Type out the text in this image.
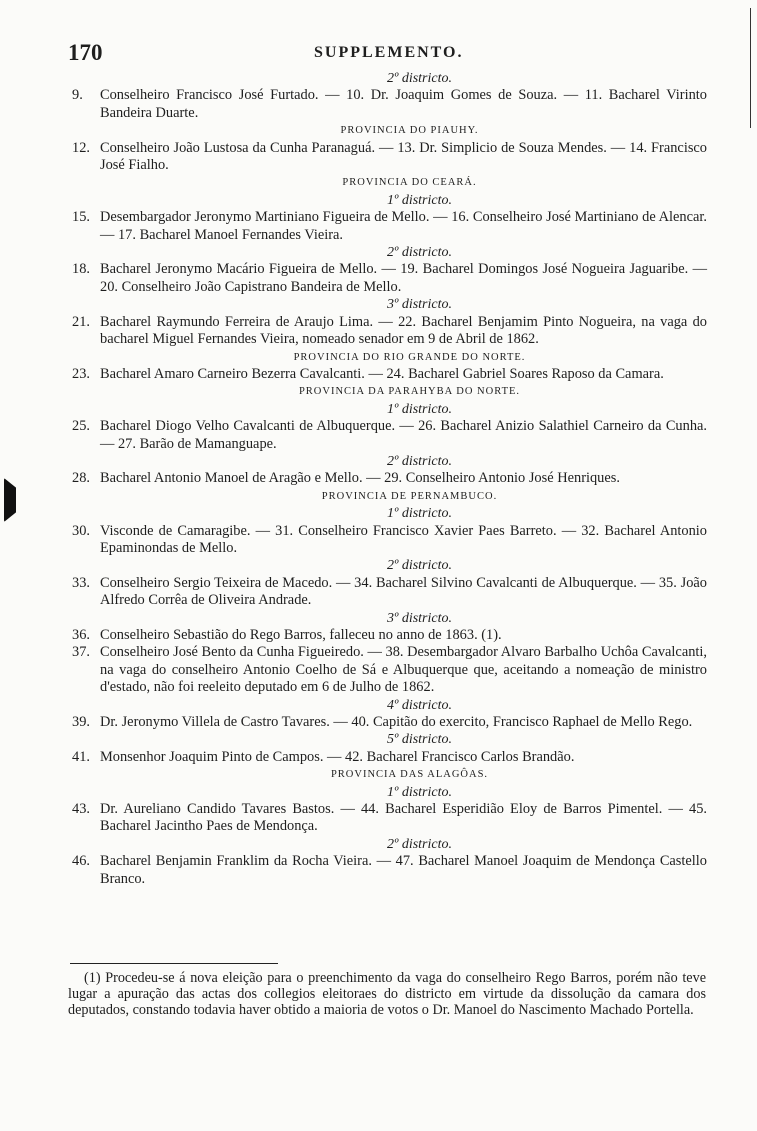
170	SUPPLEMENTO.
2º districto.
9.	Conselheiro Francisco José Furtado. — 10. Dr. Joaquim Gomes de Souza. — 11. Bacharel Virinto Bandeira Duarte.
PROVINCIA DO PIAUHY.
12. Conselheiro João Lustosa da Cunha Paranaguá. — 13. Dr. Simplicio de Souza Mendes. — 14. Francisco José Fialho.
PROVINCIA DO CEARÁ.
1º districto.
15. Desembargador Jeronymo Martiniano Figueira de Mello. — 16. Conselheiro José Martiniano de Alencar. — 17. Bacharel Manoel Fernandes Vieira.
2º districto.
18. Bacharel Jeronymo Macário Figueira de Mello. — 19. Bacharel Domingos José Nogueira Jaguaribe. — 20. Conselheiro João Capistrano Bandeira de Mello.
3º districto.
21. Bacharel Raymundo Ferreira de Araujo Lima. — 22. Bacharel Benjamim Pinto Nogueira, na vaga do bacharel Miguel Fernandes Vieira, nomeado senador em 9 de Abril de 1862.
PROVINCIA DO RIO GRANDE DO NORTE.
23. Bacharel Amaro Carneiro Bezerra Cavalcanti. — 24. Bacharel Gabriel Soares Raposo da Camara.
PROVINCIA DA PARAHYBA DO NORTE.
1º districto.
25. Bacharel Diogo Velho Cavalcanti de Albuquerque. — 26. Bacharel Anizio Salathiel Carneiro da Cunha. — 27. Barão de Mamanguape.
2º districto.
28. Bacharel Antonio Manoel de Aragão e Mello. — 29. Conselheiro Antonio José Henriques.
PROVINCIA DE PERNAMBUCO.
1º districto.
30. Visconde de Camaragibe. — 31. Conselheiro Francisco Xavier Paes Barreto. — 32. Bacharel Antonio Epaminondas de Mello.
2º districto.
33. Conselheiro Sergio Teixeira de Macedo. — 34. Bacharel Silvino Cavalcanti de Albuquerque. — 35. João Alfredo Corrêa de Oliveira Andrade.
3º districto.
36. Conselheiro Sebastião do Rego Barros, falleceu no anno de 1863. (1).
37. Conselheiro José Bento da Cunha Figueiredo. — 38. Desembargador Alvaro Barbalho Uchôa Cavalcanti, na vaga do conselheiro Antonio Coelho de Sá e Albuquerque que, aceitando a nomeação de ministro d'estado, não foi reeleito deputado em 6 de Julho de 1862.
4º districto.
39. Dr. Jeronymo Villela de Castro Tavares. — 40. Capitão do exercito, Francisco Raphael de Mello Rego.
5º districto.
41. Monsenhor Joaquim Pinto de Campos. — 42. Bacharel Francisco Carlos Brandão.
PROVINCIA DAS ALAGÔAS.
1º districto.
43. Dr. Aureliano Candido Tavares Bastos. — 44. Bacharel Esperidião Eloy de Barros Pimentel. — 45. Bacharel Jacintho Paes de Mendonça.
2º districto.
46. Bacharel Benjamin Franklim da Rocha Vieira. — 47. Bacharel Manoel Joaquim de Mendonça Castello Branco.
(1) Procedeu-se á nova eleição para o preenchimento da vaga do conselheiro Rego Barros, porém não teve lugar a apuração das actas dos collegios eleitoraes do districto em virtude da dissolução da camara dos deputados, constando todavia haver obtido a maioria de votos o Dr. Manoel do Nascimento Machado Portella.
